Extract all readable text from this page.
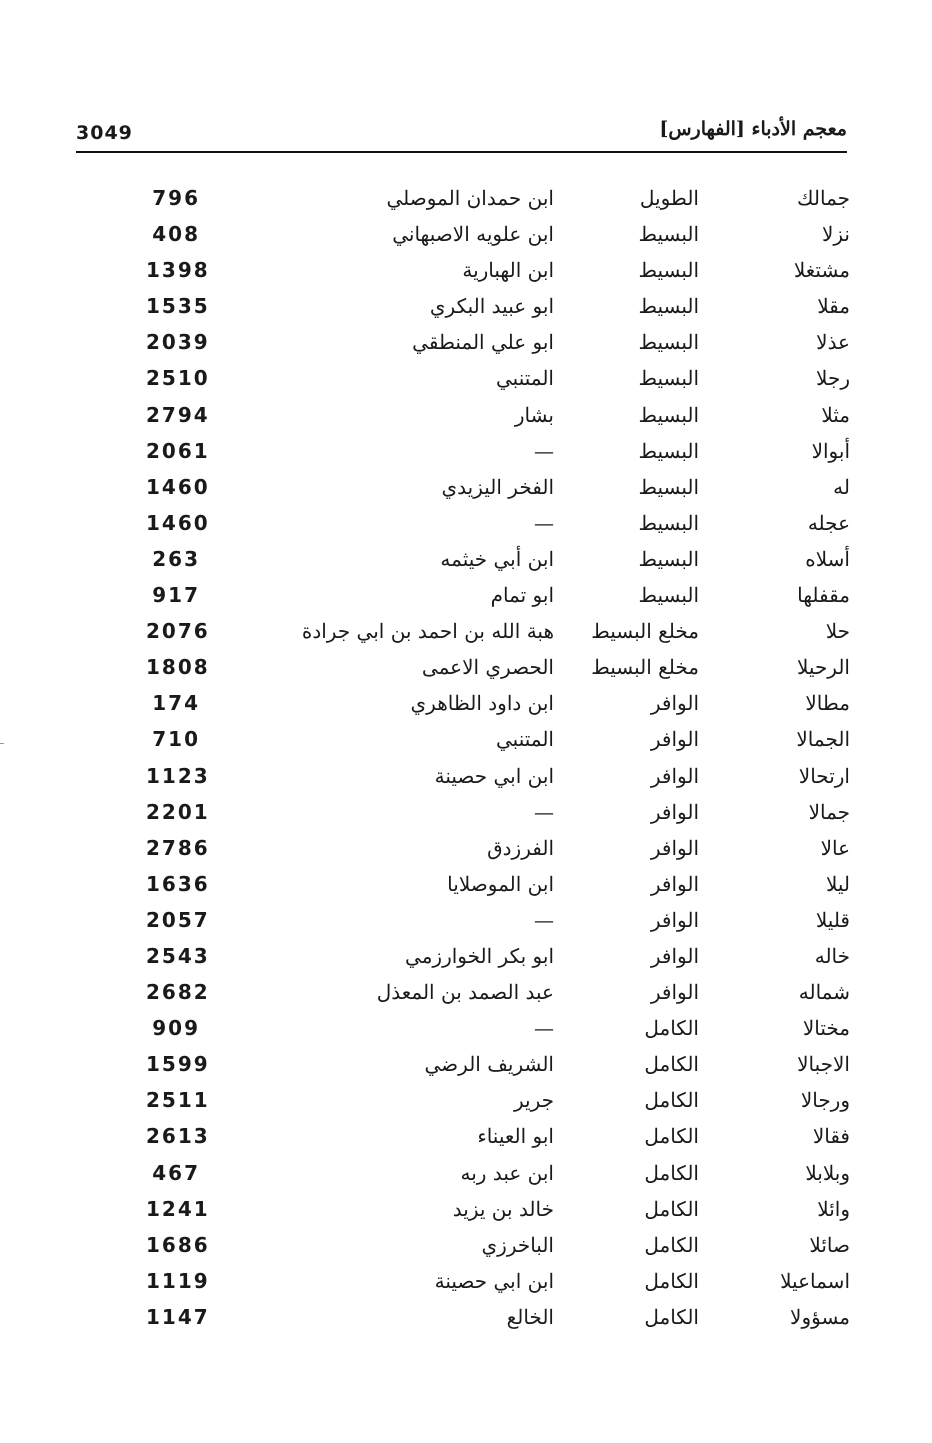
3049	معجم الأدباء [الفهارس]
جمالك
الطويل
ابن حمدان الموصلي
796
نزلا
البسيط
ابن علويه الاصبهاني
408
مشتغلا
البسيط
ابن الهبارية
1398
مقلا
البسيط
ابو عبيد البكري
1535
عذلا
البسيط
ابو علي المنطقي
2039
رجلا
البسيط
المتنبي
2510
مثلا
البسيط
بشار
2794
أبوالا
البسيط
—
2061
له
البسيط
الفخر اليزيدي
1460
عجله
البسيط
—
1460
أسلاه
البسيط
ابن أبي خيثمه
263
مقفلها
البسيط
ابو تمام
917
حلا
مخلع البسيط
هبة الله بن احمد بن ابي جرادة
2076
الرحيلا
مخلع البسيط
الحصري الاعمى
1808
مطالا
الوافر
ابن داود الظاهري
174
الجمالا
الوافر
المتنبي
710
ارتحالا
الوافر
ابن ابي حصينة
1123
جمالا
الوافر
—
2201
عالا
الوافر
الفرزدق
2786
ليلا
الوافر
ابن الموصلايا
1636
قليلا
الوافر
—
2057
خاله
الوافر
ابو بكر الخوارزمي
2543
شماله
الوافر
عبد الصمد بن المعذل
2682
مختالا
الكامل
—
909
الاجبالا
الكامل
الشريف الرضي
1599
ورجالا
الكامل
جرير
2511
فقالا
الكامل
ابو العيناء
2613
وبلابلا
الكامل
ابن عبد ربه
467
وائلا
الكامل
خالد بن يزيد
1241
صائلا
الكامل
الباخرزي
1686
اسماعيلا
الكامل
ابن ابي حصينة
1119
مسؤولا
الكامل
الخالع
1147
